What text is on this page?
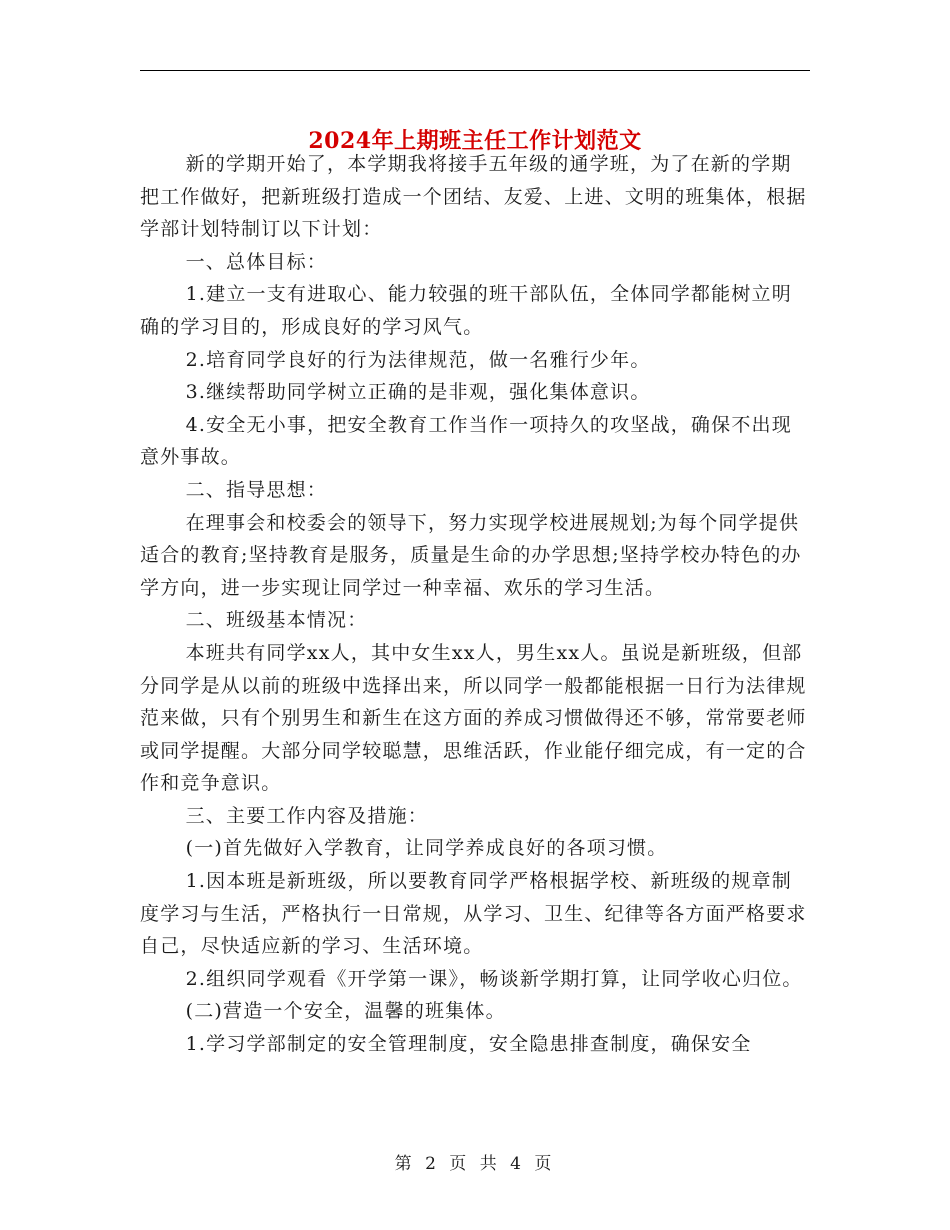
2024年上期班主任工作计划范文

新的学期开始了，本学期我将接手五年级的通学班，为了在新的学期把工作做好，把新班级打造成一个团结、友爱、上进、文明的班集体，根据学部计划特制订以下计划：

一、总体目标：

1.建立一支有进取心、能力较强的班干部队伍，全体同学都能树立明确的学习目的，形成良好的学习风气。

2.培育同学良好的行为法律规范，做一名雅行少年。

3.继续帮助同学树立正确的是非观，强化集体意识。

4.安全无小事，把安全教育工作当作一项持久的攻坚战，确保不出现意外事故。

二、指导思想：

在理事会和校委会的领导下，努力实现学校进展规划;为每个同学提供适合的教育;坚持教育是服务，质量是生命的办学思想;坚持学校办特色的办学方向，进一步实现让同学过一种幸福、欢乐的学习生活。

二、班级基本情况：

本班共有同学xx人，其中女生xx人，男生xx人。虽说是新班级，但部分同学是从以前的班级中选择出来，所以同学一般都能根据一日行为法律规范来做，只有个别男生和新生在这方面的养成习惯做得还不够，常常要老师或同学提醒。大部分同学较聪慧，思维活跃，作业能仔细完成，有一定的合作和竞争意识。

三、主要工作内容及措施：

(一)首先做好入学教育，让同学养成良好的各项习惯。

1.因本班是新班级，所以要教育同学严格根据学校、新班级的规章制度学习与生活，严格执行一日常规，从学习、卫生、纪律等各方面严格要求自己，尽快适应新的学习、生活环境。

2.组织同学观看《开学第一课》，畅谈新学期打算，让同学收心归位。

(二)营造一个安全，温馨的班集体。

1.学习学部制定的安全管理制度，安全隐患排查制度，确保安全

第 2 页 共 4 页
